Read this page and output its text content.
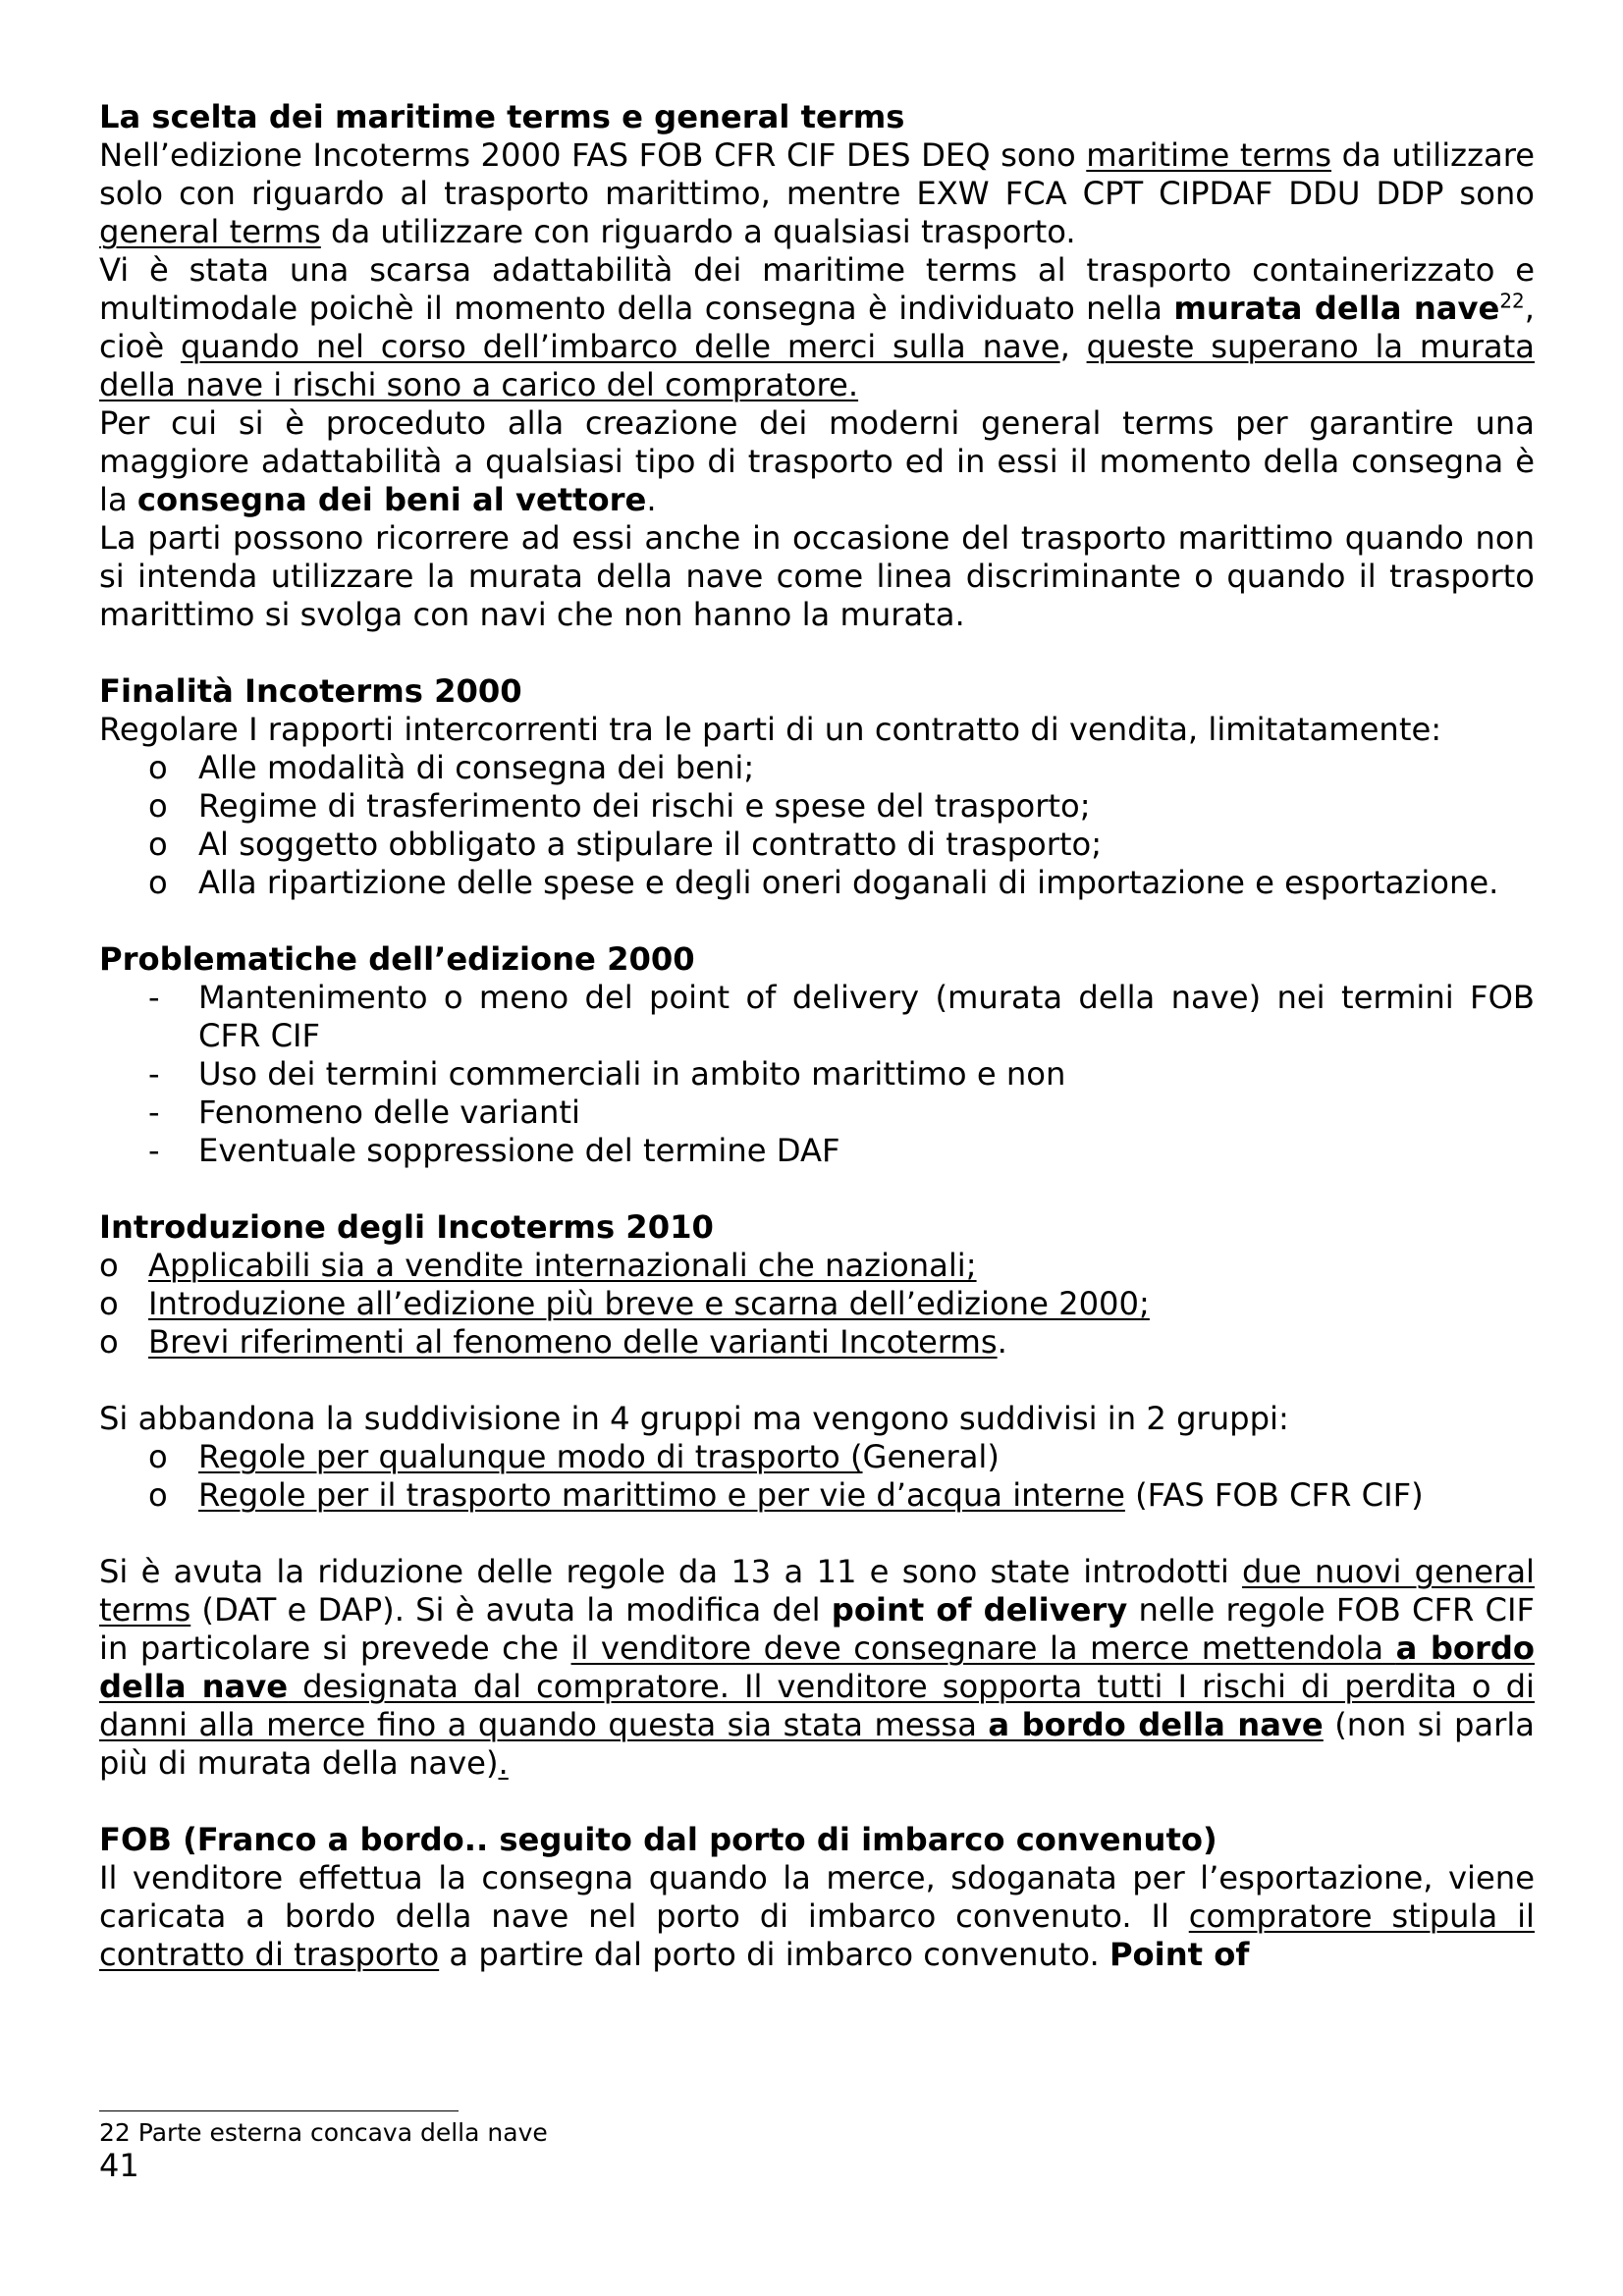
La scelta dei maritime terms e general terms

Nell’edizione Incoterms 2000 FAS FOB CFR CIF DES DEQ sono maritime terms da utilizzare solo con riguardo al trasporto marittimo, mentre EXW FCA CPT CIPDAF DDU DDP sono general terms da utilizzare con riguardo a qualsiasi trasporto.

Vi è stata una scarsa adattabilità dei maritime terms al trasporto containerizzato e multimodale poichè il momento della consegna è individuato nella murata della nave$^{22}$, cioè quando nel corso dell’imbarco delle merci sulla nave, queste superano la murata della nave i rischi sono a carico del compratore.

Per cui si è proceduto alla creazione dei moderni general terms per garantire una maggiore adattabilità a qualsiasi tipo di trasporto ed in essi il momento della consegna è la consegna dei beni al vettore.

La parti possono ricorrere ad essi anche in occasione del trasporto marittimo quando non si intenda utilizzare la murata della nave come linea discriminante o quando il trasporto marittimo si svolga con navi che non hanno la murata.

Finalità Incoterms 2000

Regolare I rapporti intercorrenti tra le parti di un contratto di vendita, limitatamente:

o Alle modalità di consegna dei beni;
o Regime di trasferimento dei rischi e spese del trasporto;
o Al soggetto obbligato a stipulare il contratto di trasporto;
o Alla ripartizione delle spese e degli oneri doganali di importazione e esportazione.
Problematiche dell’edizione 2000
- Mantenimento o meno del point of delivery (murata della nave) nei termini FOB CFR CIF
- Uso dei termini commerciali in ambito marittimo e non
- Fenomeno delle varianti
- Eventuale soppressione del termine DAF
Introduzione degli Incoterms 2010
o Applicabili sia a vendite internazionali che nazionali;
o Introduzione all’edizione più breve e scarna dell’edizione 2000;
o Brevi riferimenti al fenomeno delle varianti Incoterms.

Si abbandona la suddivisione in 4 gruppi ma vengono suddivisi in 2 gruppi:

o Regole per qualunque modo di trasporto (General)
o Regole per il trasporto marittimo e per vie d’acqua interne (FAS FOB CFR CIF)

Si è avuta la riduzione delle regole da 13 a 11 e sono state introdotti due nuovi general terms (DAT e DAP). Si è avuta la modifica del point of delivery nelle regole FOB CFR CIF in particolare si prevede che il venditore deve consegnare la merce mettendola a bordo della nave designata dal compratore. Il venditore sopporta tutti I rischi di perdita o di danni alla merce fino a quando questa sia stata messa a bordo della nave (non si parla più di murata della nave).

FOB (Franco a bordo.. seguito dal porto di imbarco convenuto)

Il venditore effettua la consegna quando la merce, sdoganata per l’esportazione, viene caricata a bordo della nave nel porto di imbarco convenuto. Il compratore stipula il contratto di trasporto a partire dal porto di imbarco convenuto. Point of

22 Parte esterna concava della nave
41
